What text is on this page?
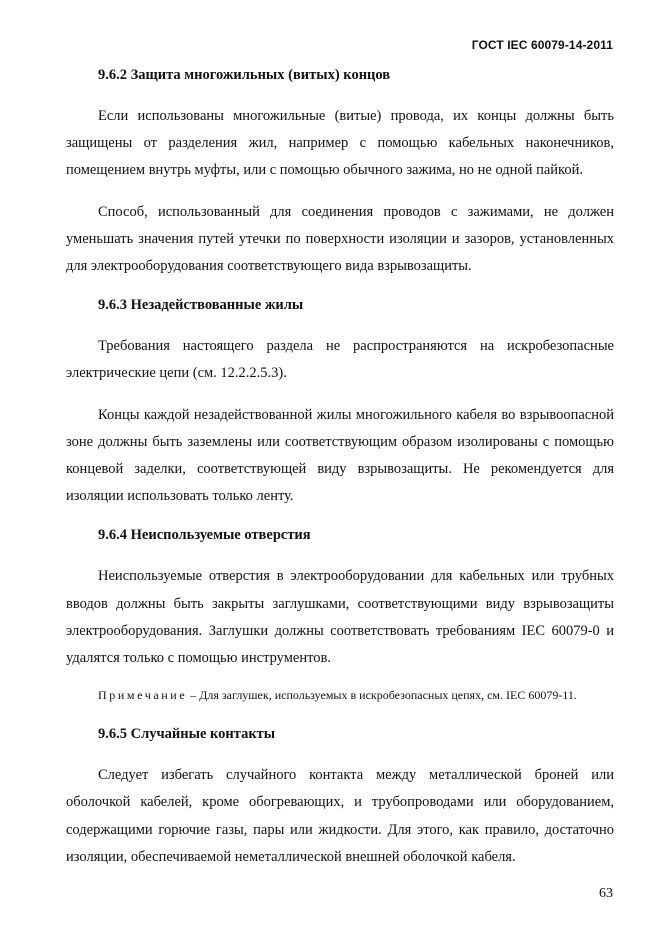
ГОСТ IEC 60079-14-2011
9.6.2 Защита многожильных (витых) концов

Если использованы многожильные (витые) провода, их концы должны быть защищены от разделения жил, например с помощью кабельных наконечников, помещением внутрь муфты, или с помощью обычного зажима, но не одной пайкой.

Способ, использованный для соединения проводов с зажимами, не должен уменьшать значения путей утечки по поверхности изоляции и зазоров, установленных для электрооборудования соответствующего вида взрывозащиты.

9.6.3 Незадействованные жилы

Требования настоящего раздела не распространяются на искробезопасные электрические цепи (см. 12.2.2.5.3).

Концы каждой незадействованной жилы многожильного кабеля во взрывоопасной зоне должны быть заземлены или соответствующим образом изолированы с помощью концевой заделки, соответствующей виду взрывозащиты. Не рекомендуется для изоляции использовать только ленту.

9.6.4 Неиспользуемые отверстия

Неиспользуемые отверстия в электрооборудовании для кабельных или трубных вводов должны быть закрыты заглушками, соответствующими виду взрывозащиты электрооборудования. Заглушки должны соответствовать требованиям IEC 60079-0 и удалятся только с помощью инструментов.

Примечание – Для заглушек, используемых в искробезопасных цепях, см. IEC 60079-11.

9.6.5 Случайные контакты

Следует избегать случайного контакта между металлической броней или оболочкой кабелей, кроме обогревающих, и трубопроводами или оборудованием, содержащими горючие газы, пары или жидкости. Для этого, как правило, достаточно изоляции, обеспечиваемой неметаллической внешней оболочкой кабеля.

63
